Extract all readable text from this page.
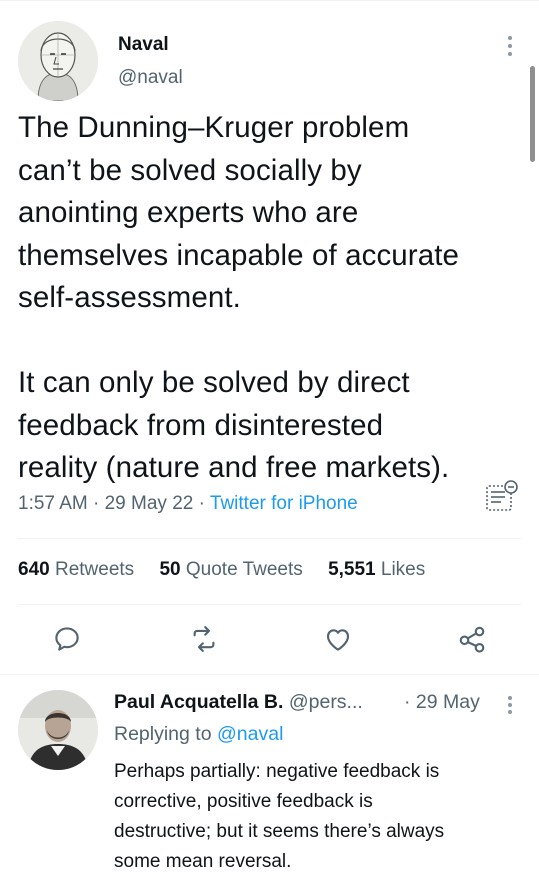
Naval
@naval
The Dunning–Kruger problem
can’t be solved socially by
anointing experts who are
themselves incapable of accurate
self-assessment.

It can only be solved by direct
feedback from disinterested
reality (nature and free markets).
1:57 AM · 29 May 22 · Twitter for iPhone
640 Retweets 50 Quote Tweets 5,551 Likes
Paul Acquatella B. @pers... · 29 May
Replying to @naval
Perhaps partially: negative feedback is
corrective, positive feedback is
destructive; but it seems there’s always
some mean reversal.
